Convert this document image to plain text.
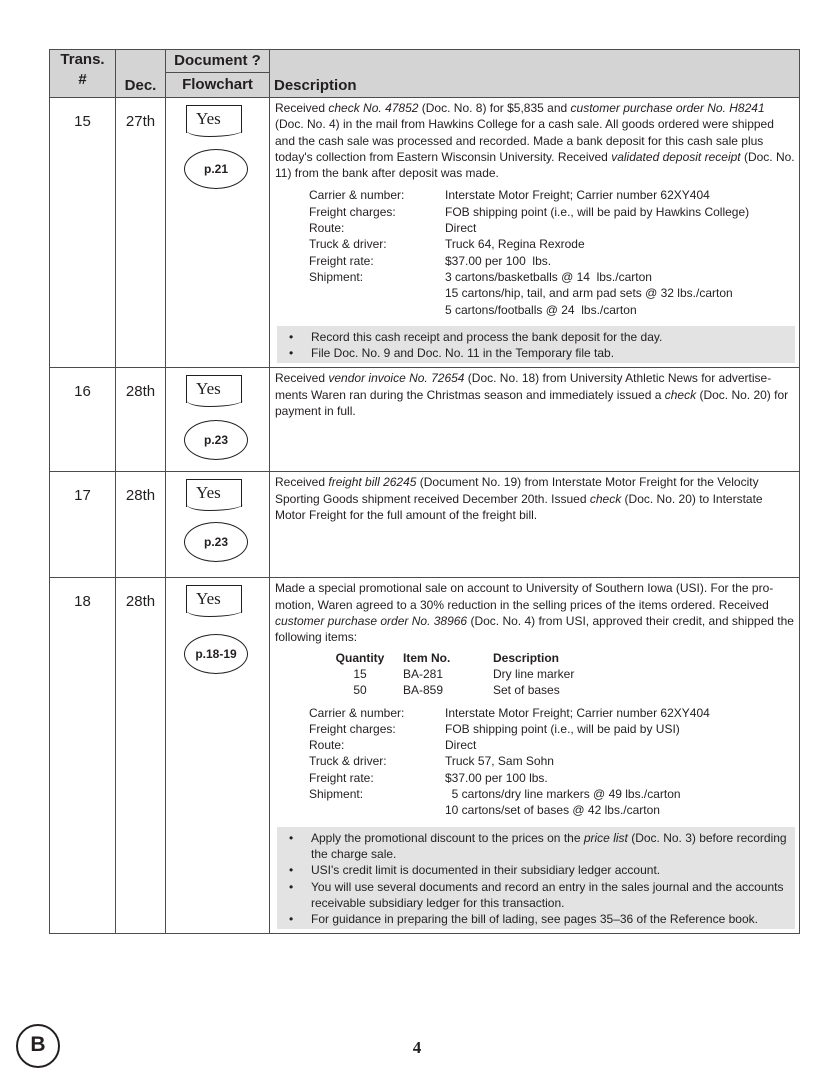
Trans.
#	Dec.	Document ?	Description
Flowchart
15	27th	Yes
p.21

Received check No. 47852 (Doc. No. 8) for $5,835 and customer purchase order No. H8241 (Doc. No. 4) in the mail from Hawkins College for a cash sale. All goods ordered were shipped and the cash sale was processed and recorded. Made a bank deposit for this cash sale plus today's collection from Eastern Wisconsin University. Received validated deposit receipt (Doc. No. 11) from the bank after deposit was made.

Carrier & number:	Interstate Motor Freight; Carrier number 62XY404
Freight charges:	FOB shipping point (i.e., will be paid by Hawkins College)
Route:	Direct
Truck & driver:	Truck 64, Regina Rexrode
Freight rate:	$37.00 per 100  lbs.
Shipment:	3 cartons/basketballs @ 14  lbs./carton
15 cartons/hip, tail, and arm pad sets @ 32 lbs./carton
5 cartons/footballs @ 24  lbs./carton
• Record this cash receipt and process the bank deposit for the day.
• File Doc. No. 9 and Doc. No. 11 in the Temporary file tab.

16	28th	Yes
p.23

Received vendor invoice No. 72654 (Doc. No. 18) from University Athletic News for advertise-ments Waren ran during the Christmas season and immediately issued a check (Doc. No. 20) for payment in full.

17	28th	Yes
p.23

Received freight bill 26245 (Document No. 19) from Interstate Motor Freight for the Velocity Sporting Goods shipment received December 20th. Issued check (Doc. No. 20) to Interstate Motor Freight for the full amount of the freight bill.

18	28th	Yes
p.18-19

Made a special promotional sale on account to University of Southern Iowa (USI). For the pro-motion, Waren agreed to a 30% reduction in the selling prices of the items ordered. Received customer purchase order No. 38966 (Doc. No. 4) from USI, approved their credit, and shipped the following items:

Quantity	Item No.	Description
15	BA-281	Dry line marker
50	BA-859	Set of bases
Carrier & number:	Interstate Motor Freight; Carrier number 62XY404
Freight charges:	FOB shipping point (i.e., will be paid by USI)
Route:	Direct
Truck & driver:	Truck 57, Sam Sohn
Freight rate:	$37.00 per 100 lbs.
Shipment:	5 cartons/dry line markers @ 49 lbs./carton
10 cartons/set of bases @ 42 lbs./carton
• Apply the promotional discount to the prices on the price list (Doc. No. 3) before recording the charge sale.
• USI's credit limit is documented in their subsidiary ledger account.
• You will use several documents and record an entry in the sales journal and the accounts receivable subsidiary ledger for this transaction.
• For guidance in preparing the bill of lading, see pages 35–36 of the Reference book.
B	4
